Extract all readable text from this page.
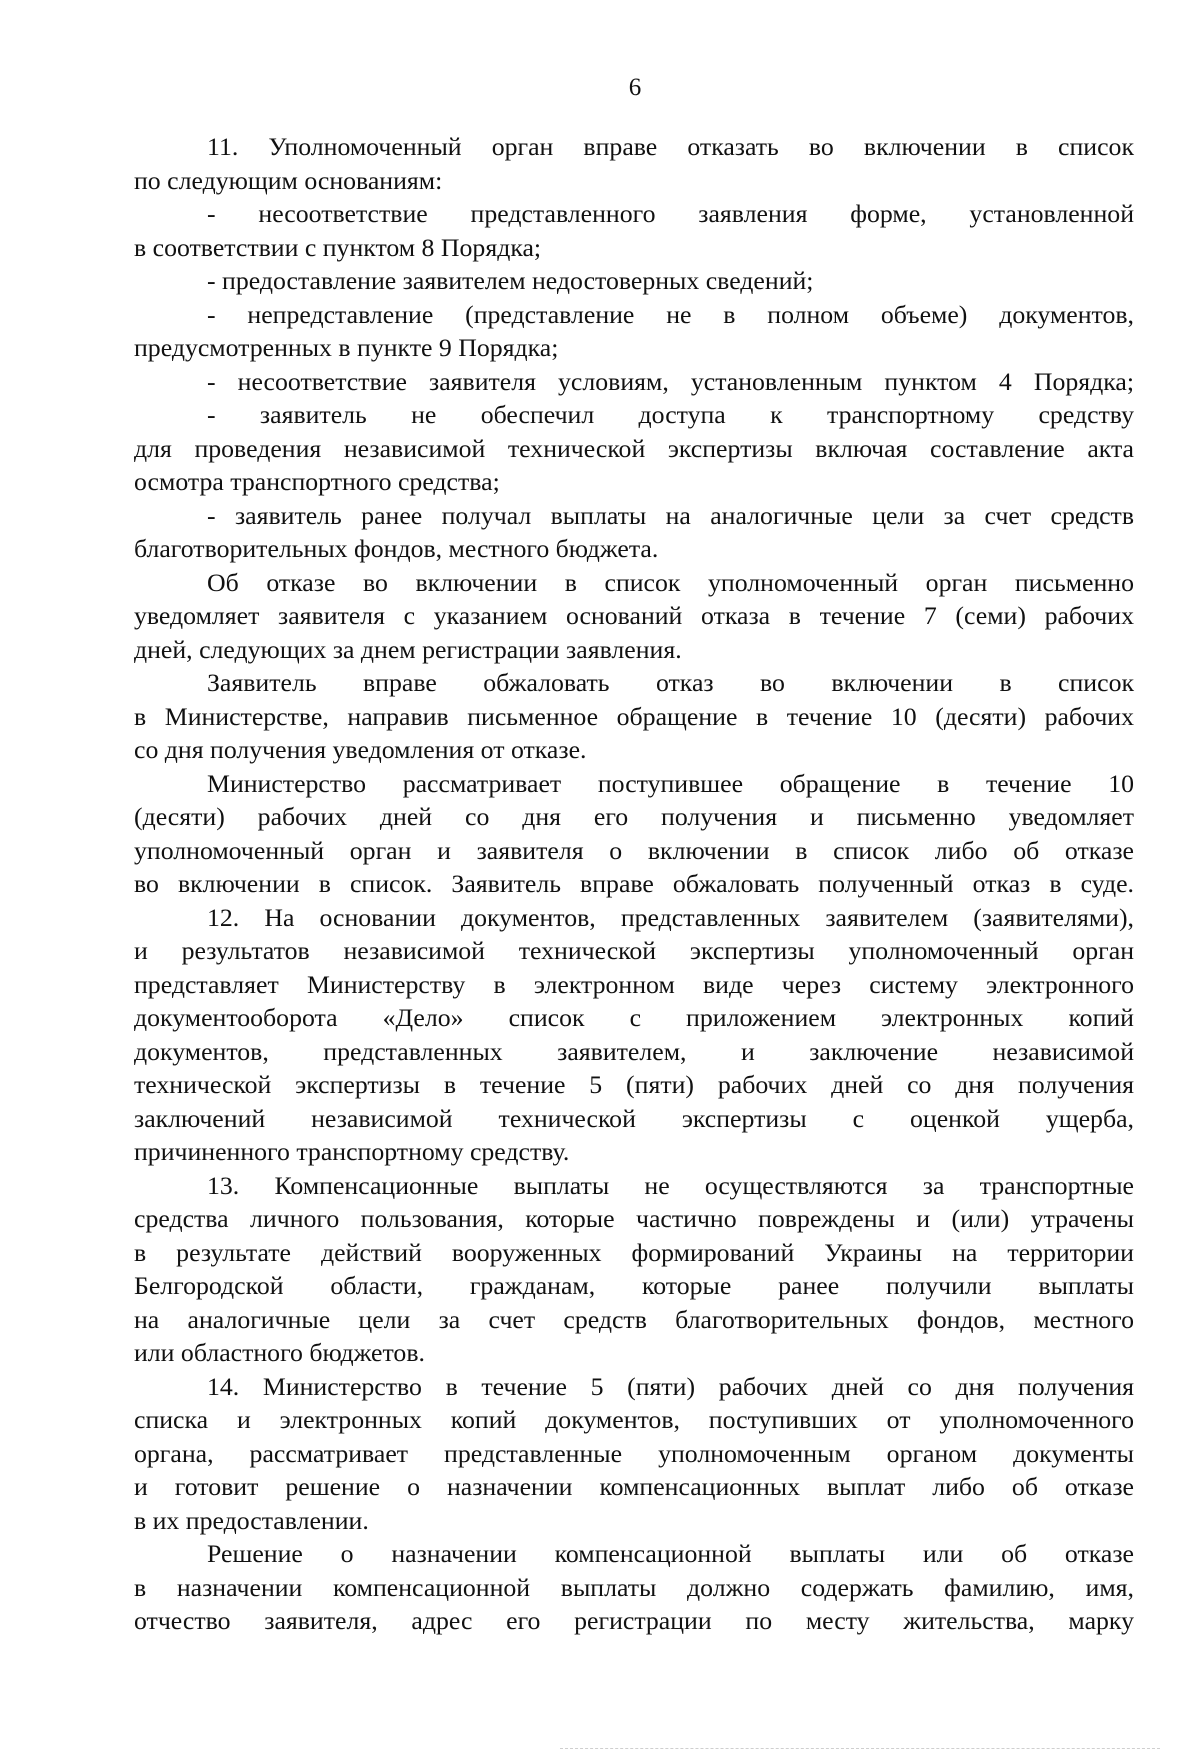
6
11. Уполномоченный орган вправе отказать во включении в список
по следующим основаниям:
- несоответствие представленного заявления форме, установленной
в соответствии с пунктом 8 Порядка;
- предоставление заявителем недостоверных сведений;
- непредставление (представление не в полном объеме) документов,
предусмотренных в пункте 9 Порядка;
- несоответствие заявителя условиям, установленным пунктом 4 Порядка;
- заявитель не обеспечил доступа к транспортному средству
для проведения независимой технической экспертизы включая составление акта
осмотра транспортного средства;
- заявитель ранее получал выплаты на аналогичные цели за счет средств
благотворительных фондов, местного бюджета.
Об отказе во включении в список уполномоченный орган письменно
уведомляет заявителя с указанием оснований отказа в течение 7 (семи) рабочих
дней, следующих за днем регистрации заявления.
Заявитель вправе обжаловать отказ во включении в список
в Министерстве, направив письменное обращение в течение 10 (десяти) рабочих
со дня получения уведомления от отказе.
Министерство рассматривает поступившее обращение в течение 10
(десяти) рабочих дней со дня его получения и письменно уведомляет
уполномоченный орган и заявителя о включении в список либо об отказе
во включении в список. Заявитель вправе обжаловать полученный отказ в суде.
12. На основании документов, представленных заявителем (заявителями),
и результатов независимой технической экспертизы уполномоченный орган
представляет Министерству в электронном виде через систему электронного
документооборота «Дело» список с приложением электронных копий
документов, представленных заявителем, и заключение независимой
технической экспертизы в течение 5 (пяти) рабочих дней со дня получения
заключений независимой технической экспертизы с оценкой ущерба,
причиненного транспортному средству.
13. Компенсационные выплаты не осуществляются за транспортные
средства личного пользования, которые частично повреждены и (или) утрачены
в результате действий вооруженных формирований Украины на территории
Белгородской области, гражданам, которые ранее получили выплаты
на аналогичные цели за счет средств благотворительных фондов, местного
или областного бюджетов.
14. Министерство в течение 5 (пяти) рабочих дней со дня получения
списка и электронных копий документов, поступивших от уполномоченного
органа, рассматривает представленные уполномоченным органом документы
и готовит решение о назначении компенсационных выплат либо об отказе
в их предоставлении.
Решение о назначении компенсационной выплаты или об отказе
в назначении компенсационной выплаты должно содержать фамилию, имя,
отчество заявителя, адрес его регистрации по месту жительства, марку
